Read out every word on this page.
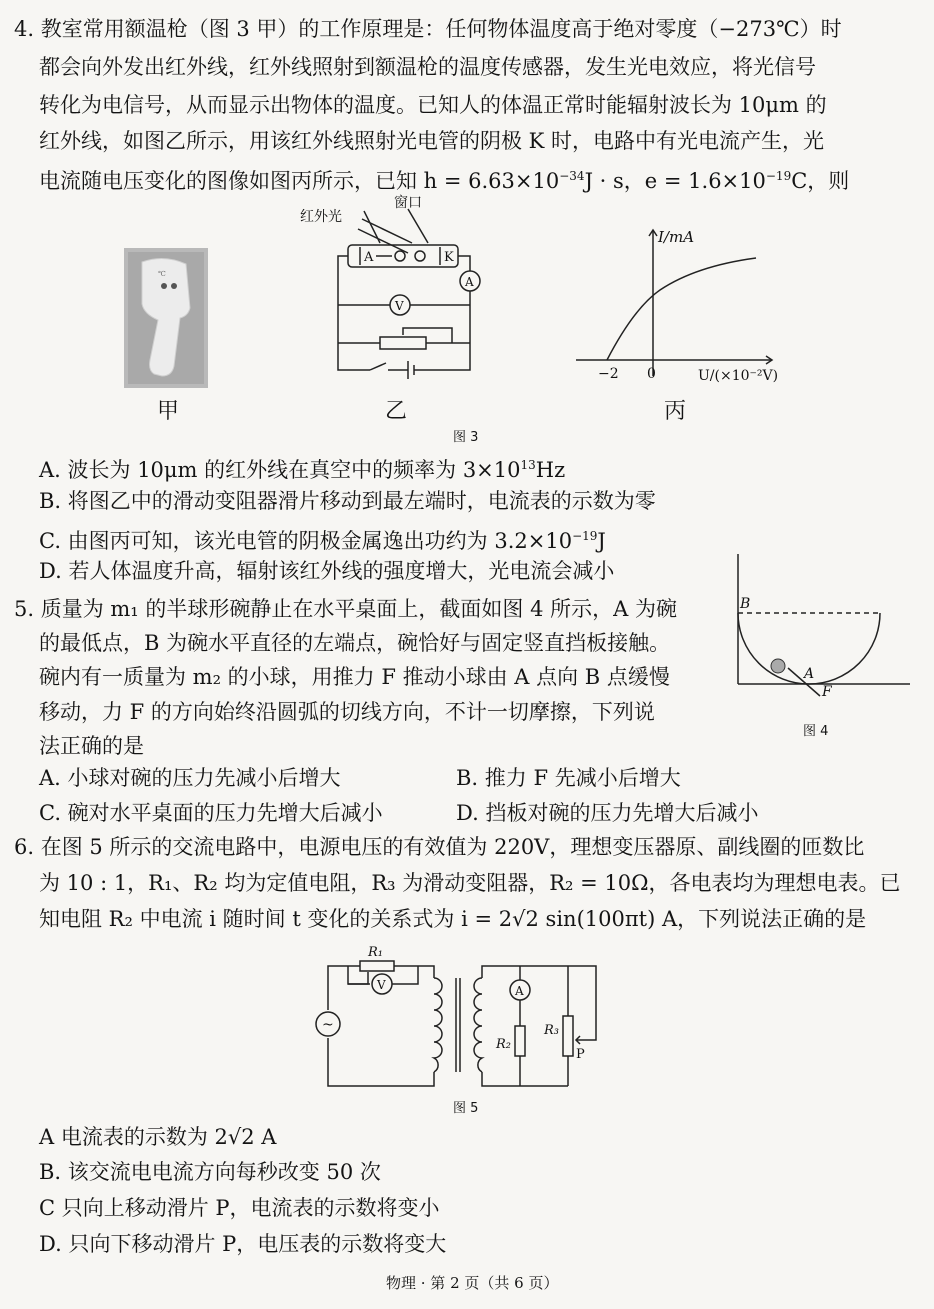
4. 教室常用额温枪（图 3 甲）的工作原理是：任何物体温度高于绝对零度（−273℃）时
都会向外发出红外线，红外线照射到额温枪的温度传感器，发生光电效应，将光信号
转化为电信号，从而显示出物体的温度。已知人的体温正常时能辐射波长为 10μm 的
红外线，如图乙所示，用该红外线照射光电管的阴极 K 时，电路中有光电流产生，光
电流随电压变化的图像如图丙所示，已知 $h = 6.63\times 10^{-34}J \cdot s$，$e = 1.6\times 10^{-19}C$，则
℃
甲
红外光
窗口
A	K
A
V
乙
I/mA
−2 0	U/(×10⁻²V)
丙
图 3
A. 波长为 10μm 的红外线在真空中的频率为 $3\times 10^{13}Hz$
B. 将图乙中的滑动变阻器滑片移动到最左端时，电流表的示数为零
C. 由图丙可知，该光电管的阴极金属逸出功约为 $3.2\times 10^{-19}J$
D. 若人体温度升高，辐射该红外线的强度增大，光电流会减小
5. 质量为 m₁ 的半球形碗静止在水平桌面上，截面如图 4 所示，A 为碗
的最低点，B 为碗水平直径的左端点，碗恰好与固定竖直挡板接触。
碗内有一质量为 m₂ 的小球，用推力 F 推动小球由 A 点向 B 点缓慢
移动，力 F 的方向始终沿圆弧的切线方向，不计一切摩擦，下列说
法正确的是
B
A
F
图 4
A. 小球对碗的压力先减小后增大	B. 推力 F 先减小后增大
C. 碗对水平桌面的压力先增大后减小	D. 挡板对碗的压力先增大后减小
6. 在图 5 所示的交流电路中，电源电压的有效值为 220V，理想变压器原、副线圈的匝数比
为 10 : 1，R₁、R₂ 均为定值电阻，R₃ 为滑动变阻器，R₂ = 10Ω，各电表均为理想电表。已
知电阻 R₂ 中电流 i 随时间 t 变化的关系式为 i = 2√2 sin(100πt) A，下列说法正确的是
~
R₁
V	A
R₂
R₃
P
图 5
A 电流表的示数为 2√2 A
B. 该交流电电流方向每秒改变 50 次
C 只向上移动滑片 P，电流表的示数将变小
D. 只向下移动滑片 P，电压表的示数将变大
物理 · 第 2 页（共 6 页）
